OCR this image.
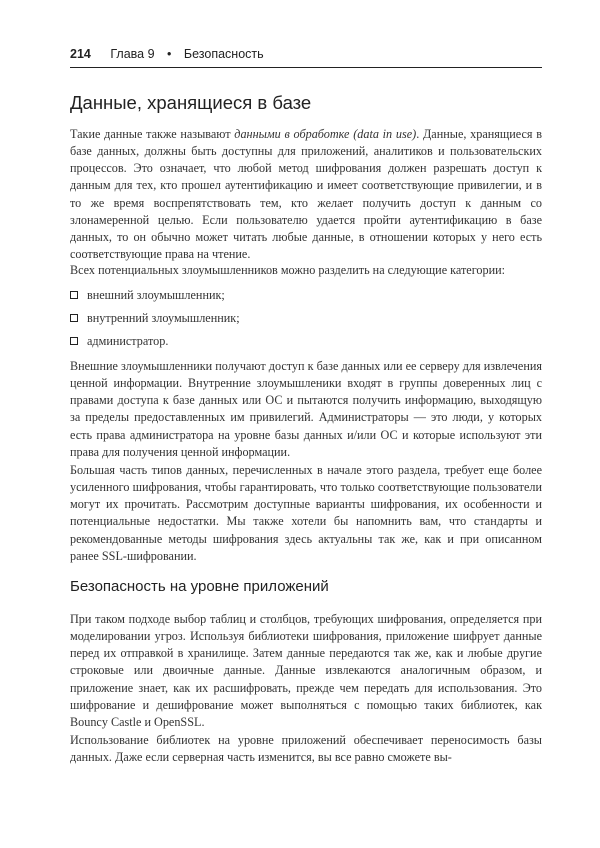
214 Глава 9 • Безопасность
Данные, хранящиеся в базе

Такие данные также называют данными в обработке (data in use). Данные, хранящиеся в базе данных, должны быть доступны для приложений, аналитиков и пользовательских процессов. Это означает, что любой метод шифрования должен разрешать доступ к данным для тех, кто прошел аутентификацию и имеет соответствующие привилегии, и в то же время воспрепятствовать тем, кто желает получить доступ к данным со злонамеренной целью. Если пользователю удается пройти аутентификацию в базе данных, то он обычно может читать любые данные, в отношении которых у него есть соответствующие права на чтение.

Всех потенциальных злоумышленников можно разделить на следующие категории:

внешний злоумышленник;
внутренний злоумышленник;
администратор.

Внешние злоумышленники получают доступ к базе данных или ее серверу для извлечения ценной информации. Внутренние злоумышленики входят в группы доверенных лиц с правами доступа к базе данных или ОС и пытаются получить информацию, выходящую за пределы предоставленных им привилегий. Администраторы — это люди, у которых есть права администратора на уровне базы данных и/или ОС и которые используют эти права для получения ценной информации.

Большая часть типов данных, перечисленных в начале этого раздела, требует еще более усиленного шифрования, чтобы гарантировать, что только соответствующие пользователи могут их прочитать. Рассмотрим доступные варианты шифрования, их особенности и потенциальные недостатки. Мы также хотели бы напомнить вам, что стандарты и рекомендованные методы шифрования здесь актуальны так же, как и при описанном ранее SSL-шифровании.

Безопасность на уровне приложений

При таком подходе выбор таблиц и столбцов, требующих шифрования, определяется при моделировании угроз. Используя библиотеки шифрования, приложение шифрует данные перед их отправкой в хранилище. Затем данные передаются так же, как и любые другие строковые или двоичные данные. Данные извлекаются аналогичным образом, и приложение знает, как их расшифровать, прежде чем передать для использования. Это шифрование и дешифрование может выполняться с помощью таких библиотек, как Bouncy Castle и OpenSSL.

Использование библиотек на уровне приложений обеспечивает переносимость базы данных. Даже если серверная часть изменится, вы все равно сможете вы-
